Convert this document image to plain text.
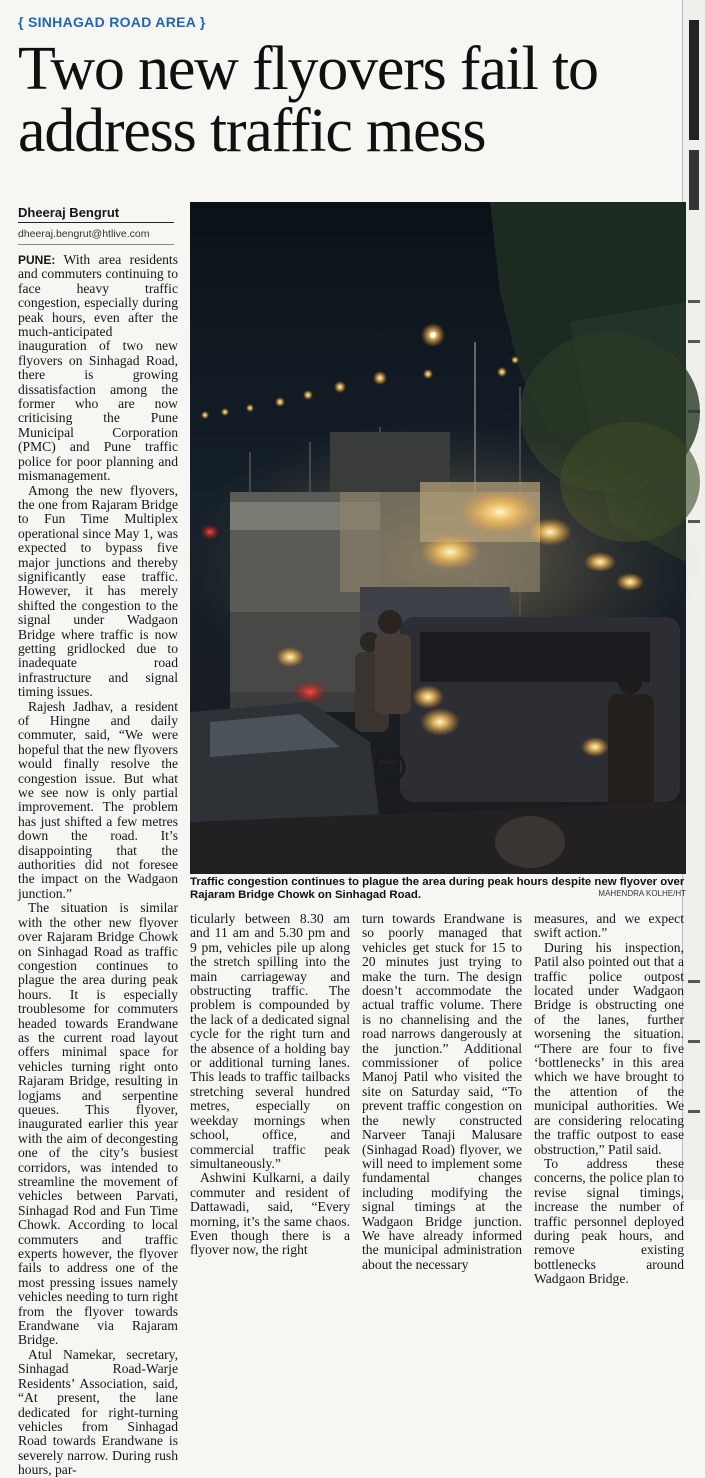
{ SINHAGAD ROAD AREA }
Two new flyovers fail to address traffic mess
Dheeraj Bengrut
dheeraj.bengrut@htlive.com

PUNE: With area residents and commuters continuing to face heavy traffic congestion, especially during peak hours, even after the much-anticipated inauguration of two new flyovers on Sinhagad Road, there is growing dissatisfaction among the former who are now criticising the Pune Municipal Corporation (PMC) and Pune traffic police for poor planning and mismanagement.

Among the new flyovers, the one from Rajaram Bridge to Fun Time Multiplex operational since May 1, was expected to bypass five major junctions and thereby significantly ease traffic. However, it has merely shifted the congestion to the signal under Wadgaon Bridge where traffic is now getting gridlocked due to inadequate road infrastructure and signal timing issues.

Rajesh Jadhav, a resident of Hingne and daily commuter, said, “We were hopeful that the new flyovers would finally resolve the congestion issue. But what we see now is only partial improvement. The problem has just shifted a few metres down the road. It’s disappointing that the authorities did not foresee the impact on the Wadgaon junction.”

The situation is similar with the other new flyover over Rajaram Bridge Chowk on Sinhagad Road as traffic congestion continues to plague the area during peak hours. It is especially troublesome for commuters headed towards Erandwane as the current road layout offers minimal space for vehicles turning right onto Rajaram Bridge, resulting in logjams and serpentine queues. This flyover, inaugurated earlier this year with the aim of decongesting one of the city’s busiest corridors, was intended to streamline the movement of vehicles between Parvati, Sinhagad Rod and Fun Time Chowk. According to local commuters and traffic experts however, the flyover fails to address one of the most pressing issues namely vehicles needing to turn right from the flyover towards Erandwane via Rajaram Bridge.

Atul Namekar, secretary, Sinhagad Road-Warje Residents’ Association, said, “At present, the lane dedicated for right-turning vehicles from Sinhagad Road towards Erandwane is severely narrow. During rush hours, par-

Traffic congestion continues to plague the area during peak hours despite new flyover over Rajaram Bridge Chowk on Sinhagad Road.	MAHENDRA KOLHE/HT

ticularly between 8.30 am and 11 am and 5.30 pm and 9 pm, vehicles pile up along the stretch spilling into the main carriageway and obstructing traffic. The problem is compounded by the lack of a dedicated signal cycle for the right turn and the absence of a holding bay or additional turning lanes. This leads to traffic tailbacks stretching several hundred metres, especially on weekday mornings when school, office, and commercial traffic peak simultaneously.”

Ashwini Kulkarni, a daily commuter and resident of Dattawadi, said, “Every morning, it’s the same chaos. Even though there is a flyover now, the right

turn towards Erandwane is so poorly managed that vehicles get stuck for 15 to 20 minutes just trying to make the turn. The design doesn’t accommodate the actual traffic volume. There is no channelising and the road narrows dangerously at the junction.” Additional commissioner of police Manoj Patil who visited the site on Saturday said, “To prevent traffic congestion on the newly constructed Narveer Tanaji Malusare (Sinhagad Road) flyover, we will need to implement some fundamental changes including modifying the signal timings at the Wadgaon Bridge junction. We have already informed the municipal administration about the necessary

measures, and we expect swift action.”

During his inspection, Patil also pointed out that a traffic police outpost located under Wadgaon Bridge is obstructing one of the lanes, further worsening the situation. “There are four to five ‘bottlenecks’ in this area which we have brought to the attention of the municipal authorities. We are considering relocating the traffic outpost to ease obstruction,” Patil said.

To address these concerns, the police plan to revise signal timings, increase the number of traffic personnel deployed during peak hours, and remove existing bottlenecks around Wadgaon Bridge.
